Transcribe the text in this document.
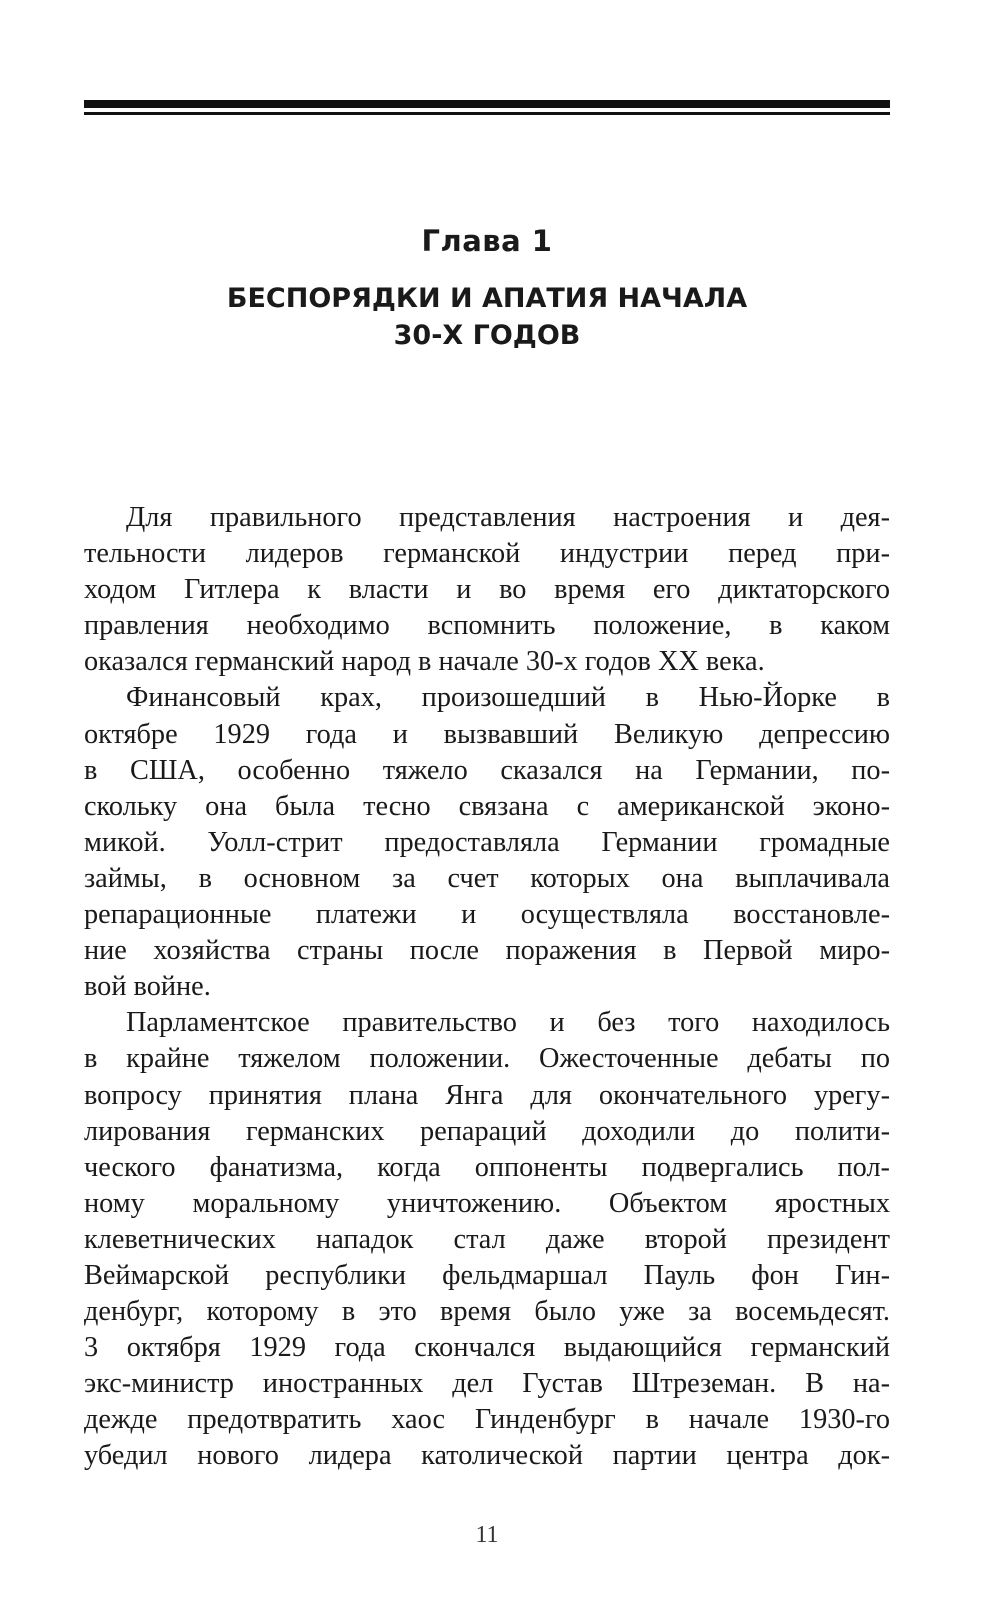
Глава 1
БЕСПОРЯДКИ И АПАТИЯ НАЧАЛА
30-Х ГОДОВ
Для правильного представления настроения и дея-
тельности лидеров германской индустрии перед при-
ходом Гитлера к власти и во время его диктаторского
правления необходимо вспомнить положение, в каком
оказался германский народ в начале 30-х годов XX века.
Финансовый крах, произошедший в Нью-Йорке в
октябре 1929 года и вызвавший Великую депрессию
в США, особенно тяжело сказался на Германии, по-
скольку она была тесно связана с американской эконо-
микой. Уолл-стрит предоставляла Германии громадные
займы, в основном за счет которых она выплачивала
репарационные платежи и осуществляла восстановле-
ние хозяйства страны после поражения в Первой миро-
вой войне.
Парламентское правительство и без того находилось
в крайне тяжелом положении. Ожесточенные дебаты по
вопросу принятия плана Янга для окончательного урегу-
лирования германских репараций доходили до полити-
ческого фанатизма, когда оппоненты подвергались пол-
ному моральному уничтожению. Объектом яростных
клеветнических нападок стал даже второй президент
Веймарской республики фельдмаршал Пауль фон Гин-
денбург, которому в это время было уже за восемьдесят.
3 октября 1929 года скончался выдающийся германский
экс-министр иностранных дел Густав Штреземан. В на-
дежде предотвратить хаос Гинденбург в начале 1930-го
убедил нового лидера католической партии центра док-
11
